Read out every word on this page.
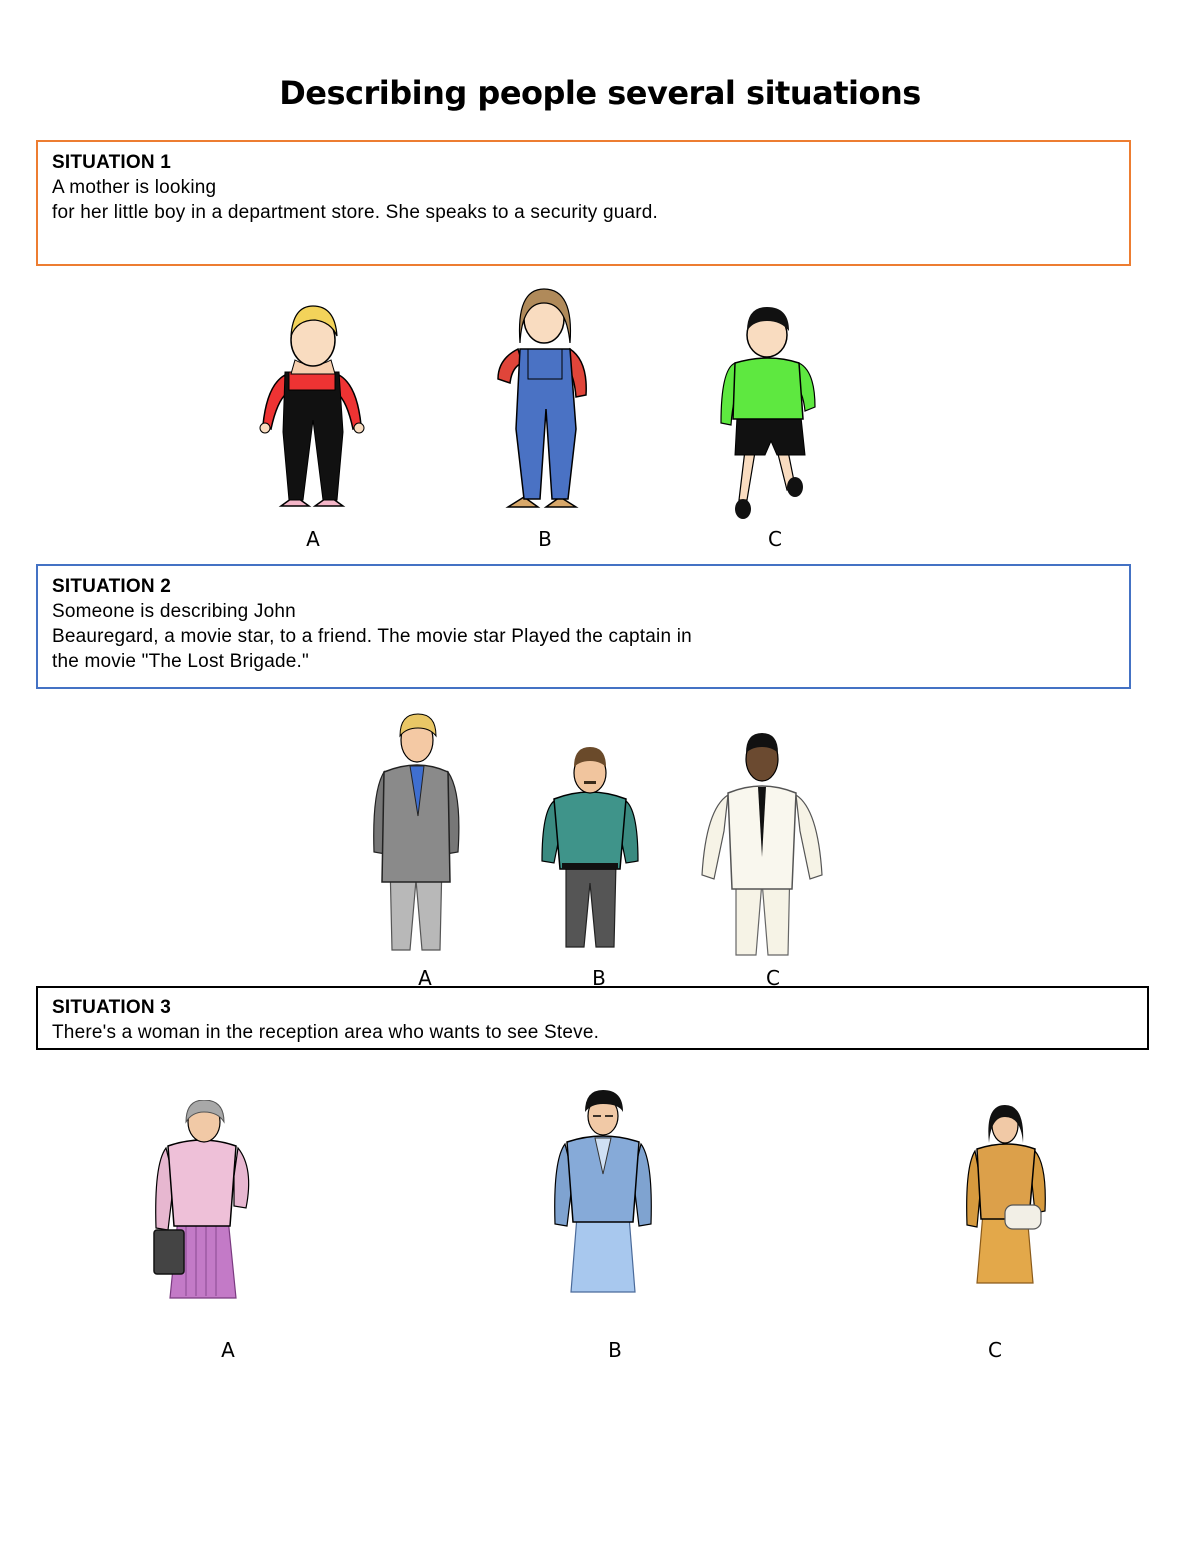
Describing people several situations
SITUATION 1
A mother is looking
for her little boy in a department store. She speaks to a security guard.
A	B	C
SITUATION 2
Someone is describing John
Beauregard, a movie star, to a friend. The movie star Played the captain in
the movie "The Lost Brigade."
A	B	C
SITUATION 3
There's a woman in the reception area who wants to see Steve.
A	B	C
